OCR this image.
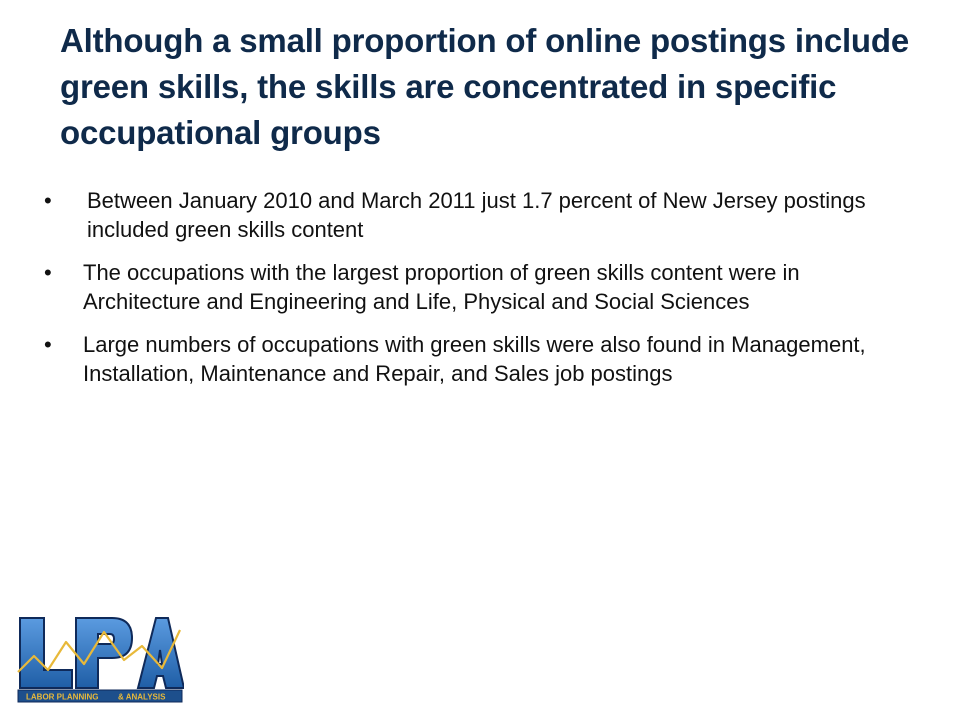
Although a small proportion of online postings include green skills, the skills are concentrated in specific occupational groups
• Between January 2010 and March 2011 just 1.7 percent of New Jersey postings included green skills content
• The occupations with the largest proportion of green skills content were in Architecture and Engineering and Life, Physical and Social Sciences
• Large numbers of occupations with green skills were also found in Management, Installation, Maintenance and Repair, and Sales job postings
LABOR PLANNING & ANALYSIS
